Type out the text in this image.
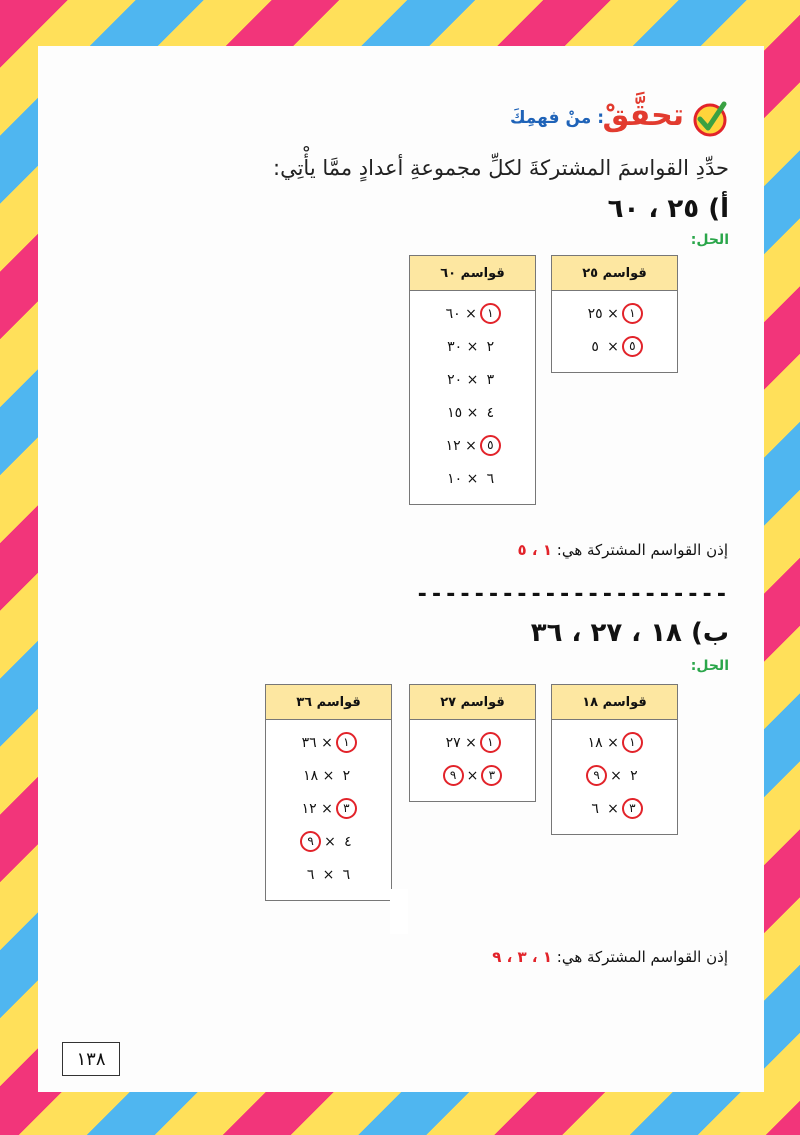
تحقَّقْ
منْ فهمِكَ :
حدِّدِ القواسمَ المشتركةَ لكلِّ مجموعةِ أعدادٍ ممَّا يأْتِي:
أ) ٢٥ ، ٦٠
الحل:
قواسم ٢٥
١
×
٢٥
٥
×
٥
قواسم ٦٠
١
×
٦٠
٢
×
٣٠
٣
×
٢٠
٤
×
١٥
٥
×
١٢
٦
×
١٠
إذن القواسم المشتركة هي: ١ ، ٥
----------------------
ب) ١٨ ، ٢٧ ، ٣٦
الحل:
قواسم ١٨
١
×
١٨
٢
×
٩
٣
×
٦
قواسم ٢٧
١
×
٢٧
٣
×
٩
قواسم ٣٦
١
×
٣٦
٢
×
١٨
٣
×
١٢
٤
×
٩
٦
×
٦
إذن القواسم المشتركة هي: ١ ، ٣ ، ٩
١٣٨
